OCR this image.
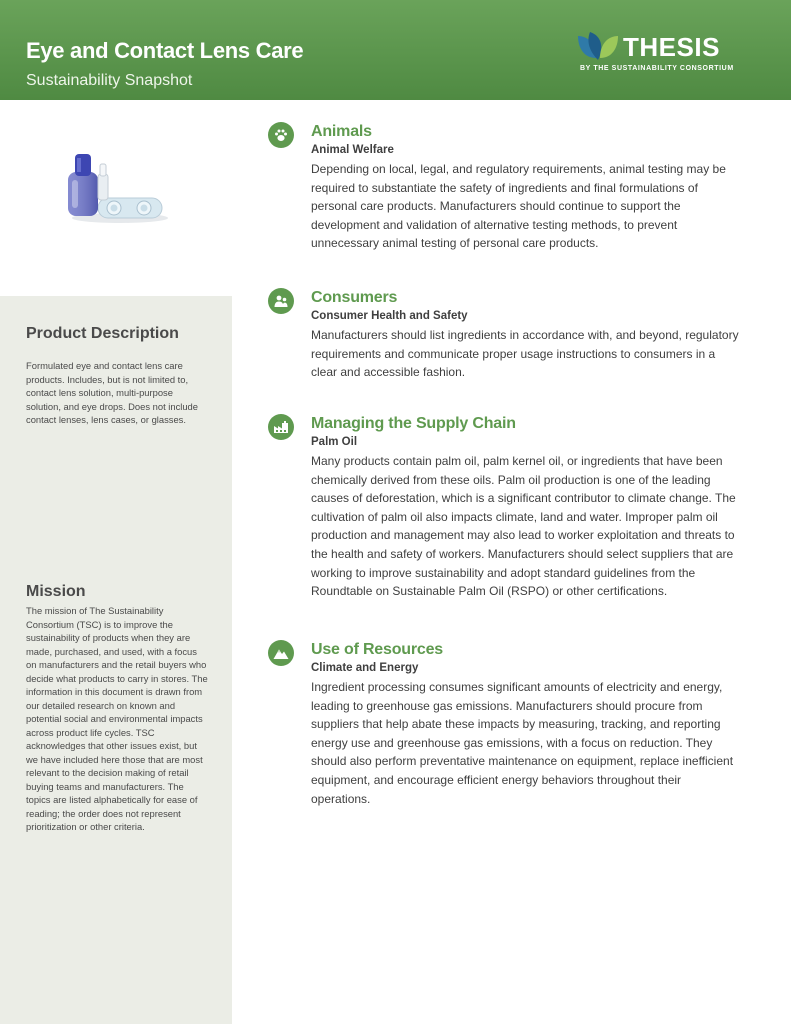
Eye and Contact Lens Care
Sustainability Snapshot
THESIS
BY THE SUSTAINABILITY CONSORTIUM
Product Description

Formulated eye and contact lens care products. Includes, but is not limited to, contact lens solution, multi-purpose solution, and eye drops. Does not include contact lenses, lens cases, or glasses.

Mission

The mission of The Sustainability Consortium (TSC) is to improve the sustainability of products when they are made, purchased, and used, with a focus on manufacturers and the retail buyers who decide what products to carry in stores. The information in this document is drawn from our detailed research on known and potential social and environmental impacts across product life cycles. TSC acknowledges that other issues exist, but we have included here those that are most relevant to the decision making of retail buying teams and manufacturers. The topics are listed alphabetically for ease of reading; the order does not represent prioritization or other criteria.

Animals
Animal Welfare

Depending on local, legal, and regulatory requirements, animal testing may be required to substantiate the safety of ingredients and final formulations of personal care products. Manufacturers should continue to support the development and validation of alternative testing methods, to prevent unnecessary animal testing of personal care products.

Consumers
Consumer Health and Safety

Manufacturers should list ingredients in accordance with, and beyond, regulatory requirements and communicate proper usage instructions to consumers in a clear and accessible fashion.

Managing the Supply Chain
Palm Oil

Many products contain palm oil, palm kernel oil, or ingredients that have been chemically derived from these oils. Palm oil production is one of the leading causes of deforestation, which is a significant contributor to climate change. The cultivation of palm oil also impacts climate, land and water. Improper palm oil production and management may also lead to worker exploitation and threats to the health and safety of workers. Manufacturers should select suppliers that are working to improve sustainability and adopt standard guidelines from the Roundtable on Sustainable Palm Oil (RSPO) or other certifications.

Use of Resources
Climate and Energy

Ingredient processing consumes significant amounts of electricity and energy, leading to greenhouse gas emissions. Manufacturers should procure from suppliers that help abate these impacts by measuring, tracking, and reporting energy use and greenhouse gas emissions, with a focus on reduction. They should also perform preventative maintenance on equipment, replace inefficient equipment, and encourage efficient energy behaviors throughout their operations.
